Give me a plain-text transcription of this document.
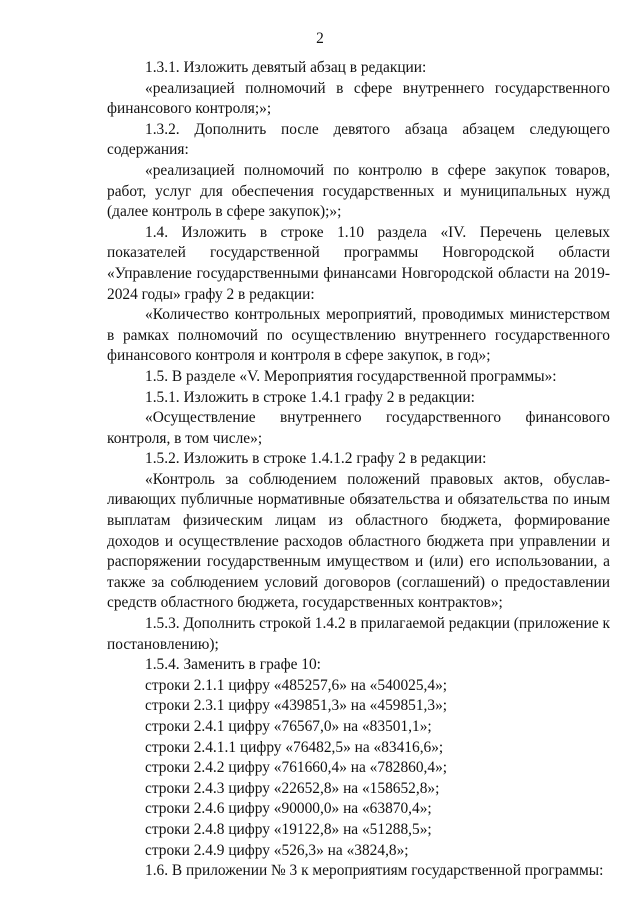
2

1.3.1. Изложить девятый абзац в редакции:

«реализацией полномочий в сфере внутреннего государственного финансового контроля;»;

1.3.2. Дополнить после девятого абзаца абзацем следующего содержания:

«реализацией полномочий по контролю в сфере закупок товаров, работ, услуг для обеспечения государственных и муниципальных нужд (далее контроль в сфере закупок);»;

1.4. Изложить в строке 1.10 раздела «IV. Перечень целевых показателей государственной программы Новгородской области «Управление государственными финансами Новгородской области на 2019-2024 годы» графу 2 в редакции:

«Количество контрольных мероприятий, проводимых министерством в рамках полномочий по осуществлению внутреннего государственного финансового контроля и контроля в сфере закупок, в год»;

1.5. В разделе «V. Мероприятия государственной программы»:

1.5.1. Изложить в строке 1.4.1 графу 2 в редакции:

«Осуществление внутреннего государственного финансового контроля, в том числе»;

1.5.2. Изложить в строке 1.4.1.2 графу 2 в редакции:

«Контроль за соблюдением положений правовых актов, обуславливающих публичные нормативные обязательства и обязательства по иным выплатам физическим лицам из областного бюджета, формирование доходов и осуществление расходов областного бюджета при управлении и распоряжении государственным имуществом и (или) его использовании, а также за соблюдением условий договоров (соглашений) о предоставлении средств областного бюджета, государственных контрактов»;

1.5.3. Дополнить строкой 1.4.2 в прилагаемой редакции (приложение к постановлению);

1.5.4. Заменить в графе 10:

строки 2.1.1 цифру «485257,6» на «540025,4»;

строки 2.3.1 цифру «439851,3» на «459851,3»;

строки 2.4.1 цифру «76567,0» на «83501,1»;

строки 2.4.1.1 цифру «76482,5» на «83416,6»;

строки 2.4.2 цифру «761660,4» на «782860,4»;

строки 2.4.3 цифру «22652,8» на «158652,8»;

строки 2.4.6 цифру «90000,0» на «63870,4»;

строки 2.4.8 цифру «19122,8» на «51288,5»;

строки 2.4.9 цифру «526,3» на «3824,8»;

1.6. В приложении № 3 к мероприятиям государственной программы:
